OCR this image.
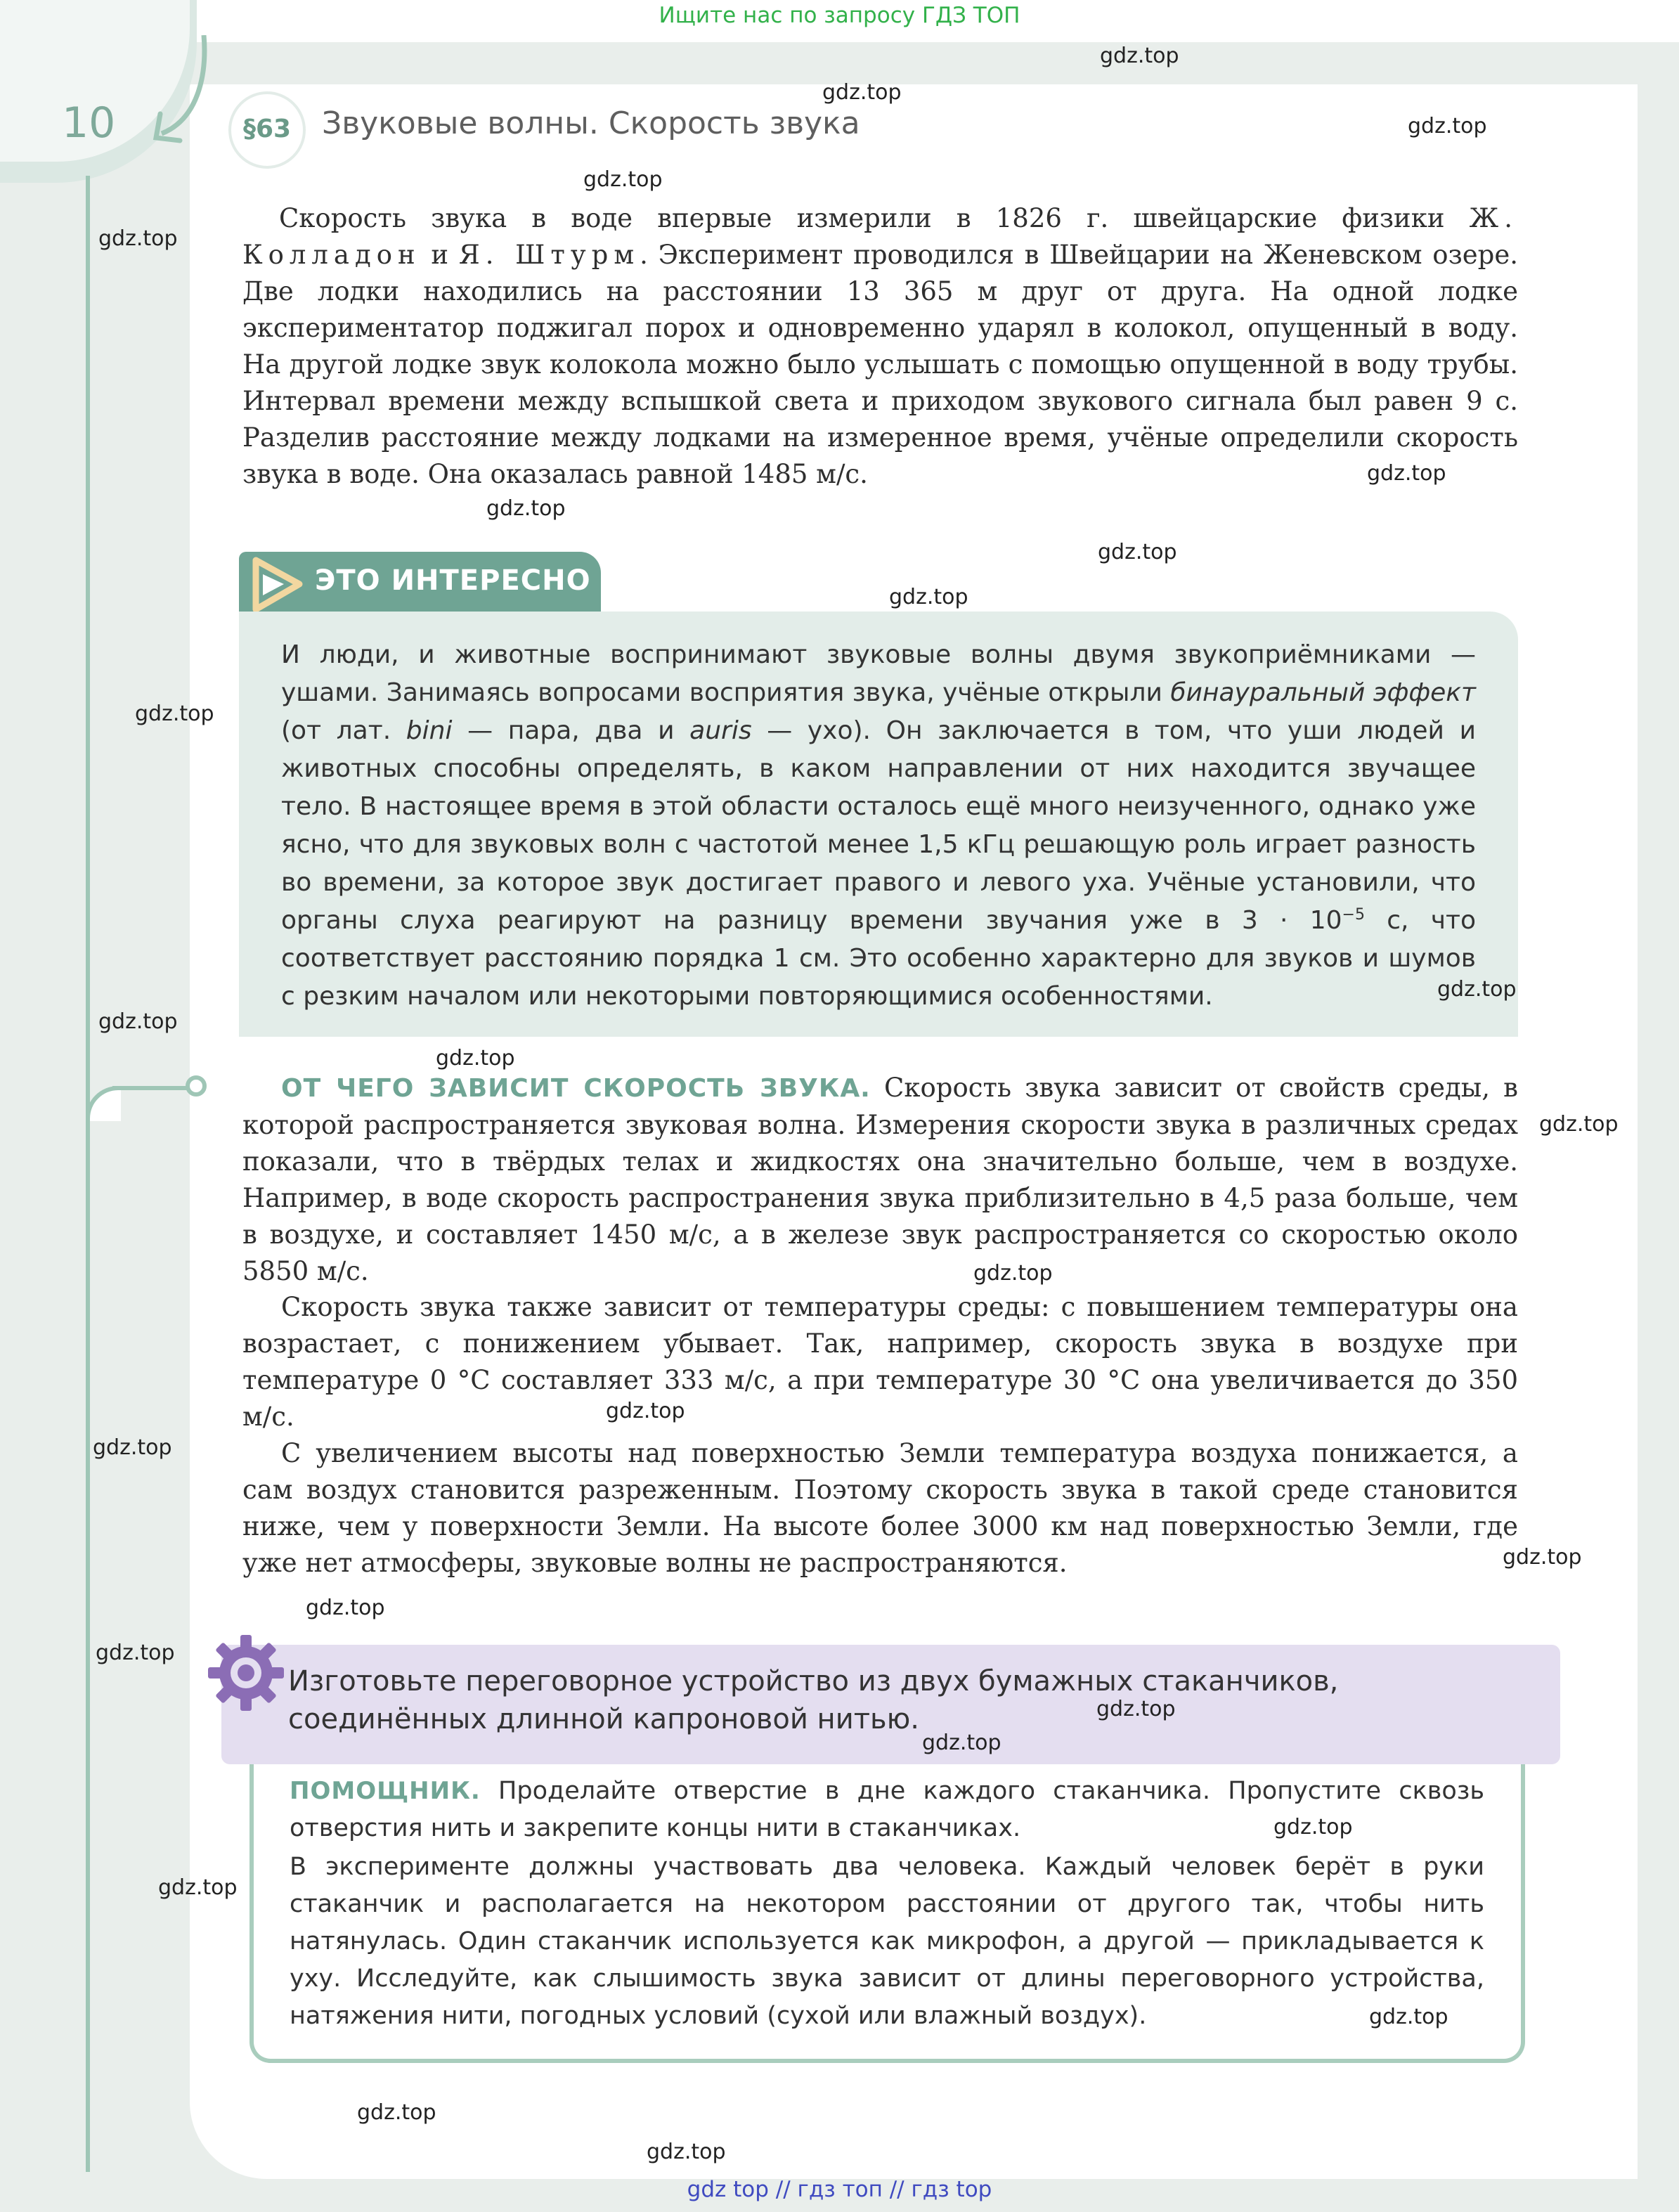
Ищите нас по запросу ГДЗ ТОП
10	§63 Звуковые волны. Скорость звука

Скорость звука в воде впервые измерили в 1826 г. швейцарские физики Ж. Колладон и Я. Штурм. Эксперимент проводился в Швейцарии на Женевском озере. Две лодки находились на расстоянии 13 365 м друг от друга. На одной лодке экспериментатор поджигал порох и одновременно ударял в колокол, опущенный в воду. На другой лодке звук колокола можно было услышать с помощью опущенной в воду трубы. Интервал времени между вспышкой света и приходом звукового сигнала был равен 9 с. Разделив расстояние между лодками на измеренное время, учёные определили скорость звука в воде. Она оказалась равной 1485 м/с.

ЭТО ИНТЕРЕСНО

И люди, и животные воспринимают звуковые волны двумя звукоприёмниками — ушами. Занимаясь вопросами восприятия звука, учёные открыли бинауральный эффект (от лат. bini — пара, два и auris — ухо). Он заключается в том, что уши людей и животных способны определять, в каком направлении от них находится звучащее тело. В настоящее время в этой области осталось ещё много неизученного, однако уже ясно, что для звуковых волн с частотой менее 1,5 кГц решающую роль играет разность во времени, за которое звук достигает правого и левого уха. Учёные установили, что органы слуха реагируют на разницу времени звучания уже в $3 \cdot 10^{-5}$ с, что соответствует расстоянию порядка 1 см. Это особенно характерно для звуков и шумов с резким началом или некоторыми повторяющимися особенностями.

ОТ ЧЕГО ЗАВИСИТ СКОРОСТЬ ЗВУКА. Скорость звука зависит от свойств среды, в которой распространяется звуковая волна. Измерения скорости звука в различных средах показали, что в твёрдых телах и жидкостях она значительно больше, чем в воздухе. Например, в воде скорость распространения звука приблизительно в 4,5 раза больше, чем в воздухе, и составляет 1450 м/с, а в железе звук распространяется со скоростью около 5850 м/с.

Скорость звука также зависит от температуры среды: с повышением температуры она возрастает, с понижением убывает. Так, например, скорость звука в воздухе при температуре 0 °C составляет 333 м/с, а при температуре 30 °C она увеличивается до 350 м/с.

С увеличением высоты над поверхностью Земли температура воздуха понижается, а сам воздух становится разреженным. Поэтому скорость звука в такой среде становится ниже, чем у поверхности Земли. На высоте более 3000 км над поверхностью Земли, где уже нет атмосферы, звуковые волны не распространяются.

Изготовьте переговорное устройство из двух бумажных стаканчиков, соединённых длинной капроновой нитью.

ПОМОЩНИК. Проделайте отверстие в дне каждого стаканчика. Пропустите сквозь отверстия нить и закрепите концы нити в стаканчиках.

В эксперименте должны участвовать два человека. Каждый человек берёт в руки стаканчик и располагается на некотором расстоянии от другого так, чтобы нить натянулась. Один стаканчик используется как микрофон, а другой — прикладывается к уху. Исследуйте, как слышимость звука зависит от длины переговорного устройства, натяжения нити, погодных условий (сухой или влажный воздух).

gdz.top
gdz.top
gdz.top
gdz.top
gdz.top
gdz.top
gdz.top
gdz.top
gdz.top
gdz.top
gdz.top
gdz.top
gdz.top
gdz.top
gdz.top
gdz.top
gdz.top
gdz.top
gdz.top
gdz.top
gdz.top
gdz.top
gdz.top
gdz.top
gdz.top
gdz.top
gdz.top
gdz top // гдз топ // гдз top
